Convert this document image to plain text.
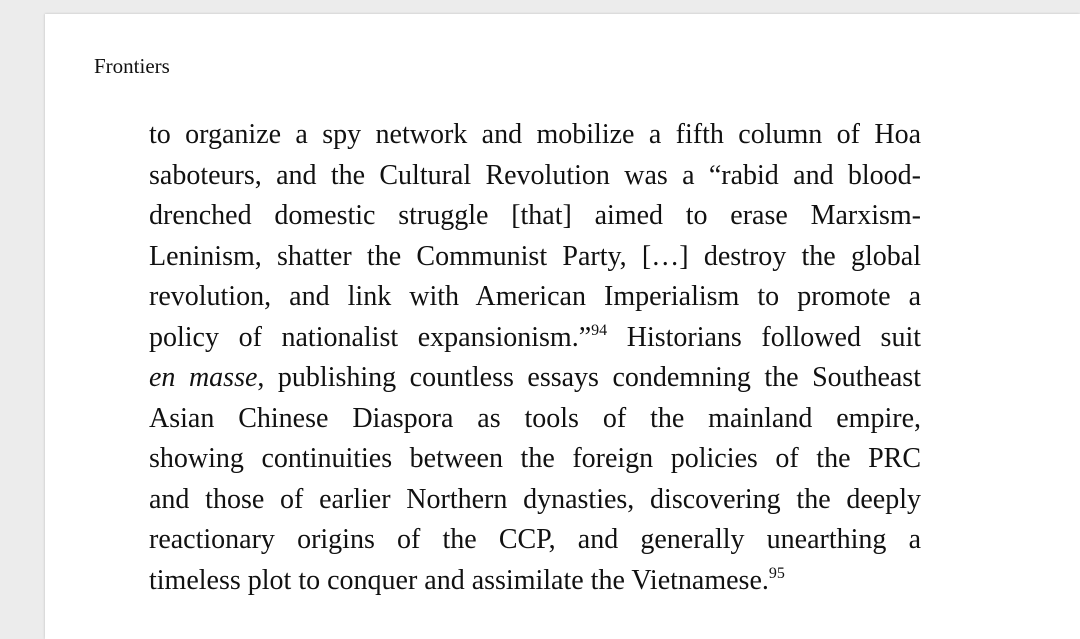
Frontiers

to organize a spy network and mobilize a fifth column of Hoa
saboteurs, and the Cultural Revolution was a “rabid and blood-
drenched domestic struggle [that] aimed to erase Marxism-
Leninism, shatter the Communist Party, […] destroy the global
revolution, and link with American Imperialism to promote a
policy of nationalist expansionism.”$^{94}$ Historians followed suit
en masse, publishing countless essays condemning the Southeast
Asian Chinese Diaspora as tools of the mainland empire,
showing continuities between the foreign policies of the PRC
and those of earlier Northern dynasties, discovering the deeply
reactionary origins of the CCP, and generally unearthing a
timeless plot to conquer and assimilate the Vietnamese.$^{95}$
